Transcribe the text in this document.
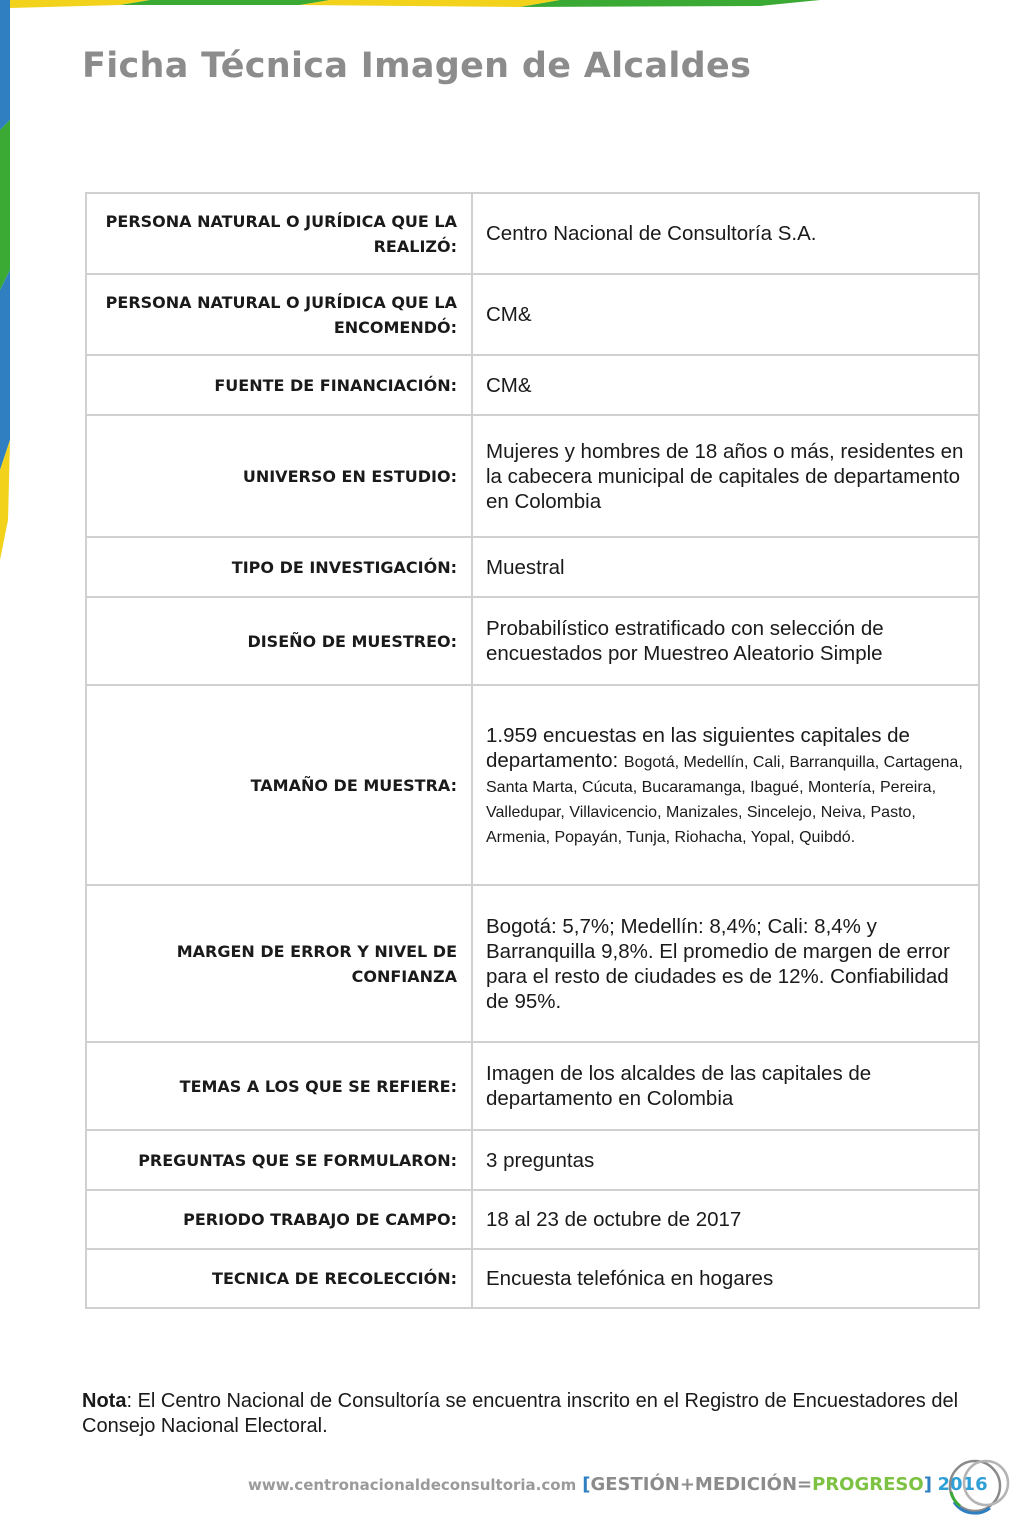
Ficha Técnica Imagen de Alcaldes
PERSONA NATURAL O JURÍDICA QUE LA REALIZÓ:	Centro Nacional de Consultoría S.A.
PERSONA NATURAL O JURÍDICA QUE LA ENCOMENDÓ:	CM&
FUENTE DE FINANCIACIÓN:	CM&
UNIVERSO EN ESTUDIO:	Mujeres y hombres de 18 años o más, residentes en la cabecera municipal de capitales de departamento en Colombia
TIPO DE INVESTIGACIÓN:	Muestral
DISEÑO DE MUESTREO:	Probabilístico estratificado con selección de encuestados por Muestreo Aleatorio Simple
TAMAÑO DE MUESTRA:	1.959 encuestas en las siguientes capitales de departamento: Bogotá, Medellín, Cali, Barranquilla, Cartagena, Santa Marta, Cúcuta, Bucaramanga, Ibagué, Montería, Pereira, Valledupar, Villavicencio, Manizales, Sincelejo, Neiva, Pasto, Armenia, Popayán, Tunja, Riohacha, Yopal, Quibdó.
MARGEN DE ERROR Y NIVEL DE CONFIANZA	Bogotá: 5,7%; Medellín: 8,4%; Cali: 8,4% y Barranquilla 9,8%. El promedio de margen de error para el resto de ciudades es de 12%. Confiabilidad de 95%.
TEMAS A LOS QUE SE REFIERE:	Imagen de los alcaldes de las capitales de departamento en Colombia
PREGUNTAS QUE SE FORMULARON:	3 preguntas
PERIODO TRABAJO DE CAMPO:	18 al 23 de octubre de 2017
TECNICA DE RECOLECCIÓN:	Encuesta telefónica en hogares

Nota: El Centro Nacional de Consultoría se encuentra inscrito en el Registro de Encuestadores del Consejo Nacional Electoral.

www.centronacionaldeconsultoria.com [GESTIÓN+MEDICIÓN=PROGRESO] 2016
